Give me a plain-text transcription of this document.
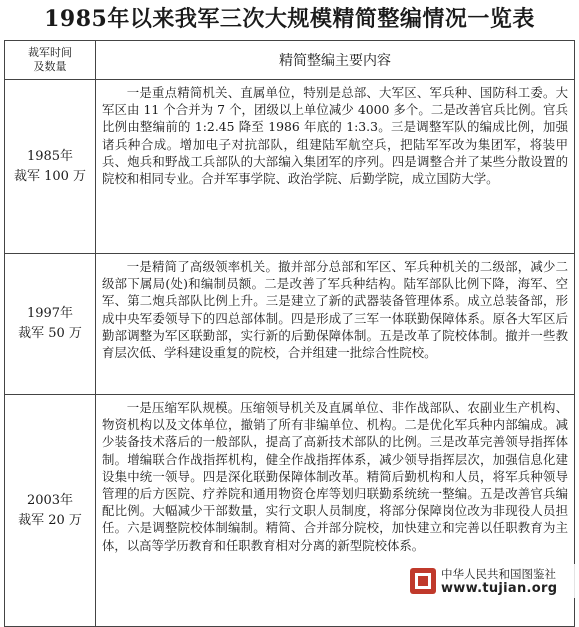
1985年以来我军三次大规模精简整编情况一览表
裁军时间
及数量	精简整编主要内容
1985年
裁军 100 万	一是重点精简机关、直属单位，特别是总部、大军区、军兵种、国防科工委。大军区由 11 个合并为 7 个，团级以上单位减少 4000 多个。二是改善官兵比例。官兵比例由整编前的 1:2.45 降至 1986 年底的 1:3.3。三是调整军队的编成比例，加强诸兵种合成。增加电子对抗部队，组建陆军航空兵，把陆军军改为集团军，将装甲兵、炮兵和野战工兵部队的大部编入集团军的序列。四是调整合并了某些分散设置的院校和相同专业。合并军事学院、政治学院、后勤学院，成立国防大学。
1997年
裁军 50 万	一是精简了高级领率机关。撤并部分总部和军区、军兵种机关的二级部，减少二级部下属局(处)和编制员额。二是改善了军兵种结构。陆军部队比例下降，海军、空军、第二炮兵部队比例上升。三是建立了新的武器装备管理体系。成立总装备部，形成中央军委领导下的四总部体制。四是形成了三军一体联勤保障体系。原各大军区后勤部调整为军区联勤部，实行新的后勤保障体制。五是改革了院校体制。撤并一些教育层次低、学科建设重复的院校，合并组建一批综合性院校。
2003年
裁军 20 万	一是压缩军队规模。压缩领导机关及直属单位、非作战部队、农副业生产机构、物资机构以及文体单位，撤销了所有非编单位、机构。二是优化军兵种内部编成。减少装备技术落后的一般部队，提高了高新技术部队的比例。三是改革完善领导指挥体制。增编联合作战指挥机构，健全作战指挥体系，减少领导指挥层次，加强信息化建设集中统一领导。四是深化联勤保障体制改革。精简后勤机构和人员，将军兵种领导管理的后方医院、疗养院和通用物资仓库等划归联勤系统统一整编。五是改善官兵编配比例。大幅减少干部数量，实行文职人员制度，将部分保障岗位改为非现役人员担任。六是调整院校体制编制。精简、合并部分院校，加快建立和完善以任职教育为主体，以高等学历教育和任职教育相对分离的新型院校体系。
中华人民共和国图鉴社
www.tujian.org
